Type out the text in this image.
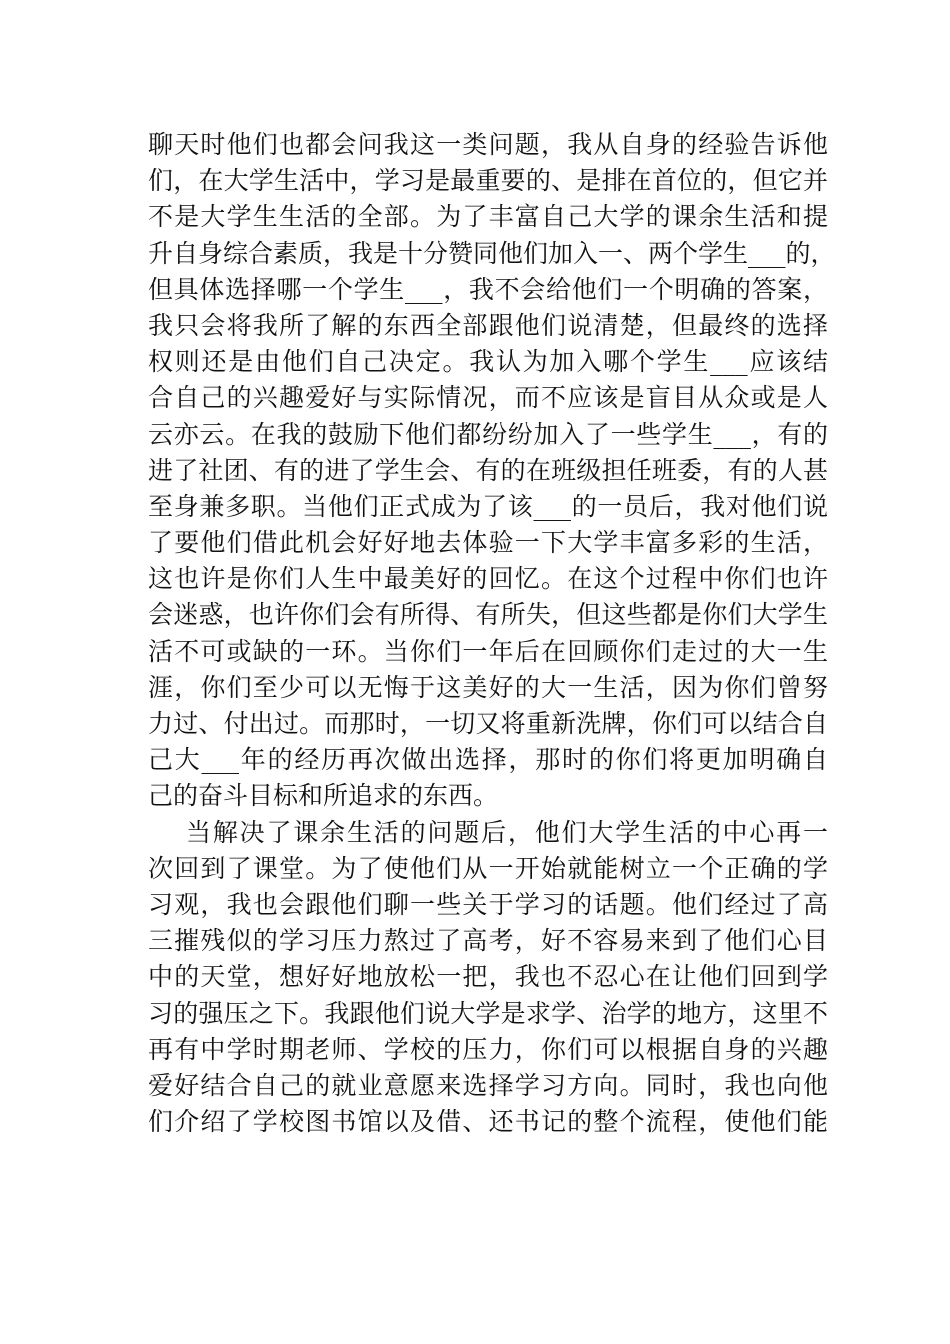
聊天时他们也都会问我这一类问题，我从自身的经验告诉他
们，在大学生活中，学习是最重要的、是排在首位的，但它并
不是大学生生活的全部。为了丰富自己大学的课余生活和提
升自身综合素质，我是十分赞同他们加入一、两个学生___的，
但具体选择哪一个学生___，我不会给他们一个明确的答案，
我只会将我所了解的东西全部跟他们说清楚，但最终的选择
权则还是由他们自己决定。我认为加入哪个学生___应该结
合自己的兴趣爱好与实际情况，而不应该是盲目从众或是人
云亦云。在我的鼓励下他们都纷纷加入了一些学生___，有的
进了社团、有的进了学生会、有的在班级担任班委，有的人甚
至身兼多职。当他们正式成为了该___的一员后，我对他们说
了要他们借此机会好好地去体验一下大学丰富多彩的生活，
这也许是你们人生中最美好的回忆。在这个过程中你们也许
会迷惑，也许你们会有所得、有所失，但这些都是你们大学生
活不可或缺的一环。当你们一年后在回顾你们走过的大一生
涯，你们至少可以无悔于这美好的大一生活，因为你们曾努
力过、付出过。而那时，一切又将重新洗牌，你们可以结合自
己大___年的经历再次做出选择，那时的你们将更加明确自
己的奋斗目标和所追求的东西。
当解决了课余生活的问题后，他们大学生活的中心再一
次回到了课堂。为了使他们从一开始就能树立一个正确的学
习观，我也会跟他们聊一些关于学习的话题。他们经过了高
三摧残似的学习压力熬过了高考，好不容易来到了他们心目
中的天堂，想好好地放松一把，我也不忍心在让他们回到学
习的强压之下。我跟他们说大学是求学、治学的地方，这里不
再有中学时期老师、学校的压力，你们可以根据自身的兴趣
爱好结合自己的就业意愿来选择学习方向。同时，我也向他
们介绍了学校图书馆以及借、还书记的整个流程，使他们能
